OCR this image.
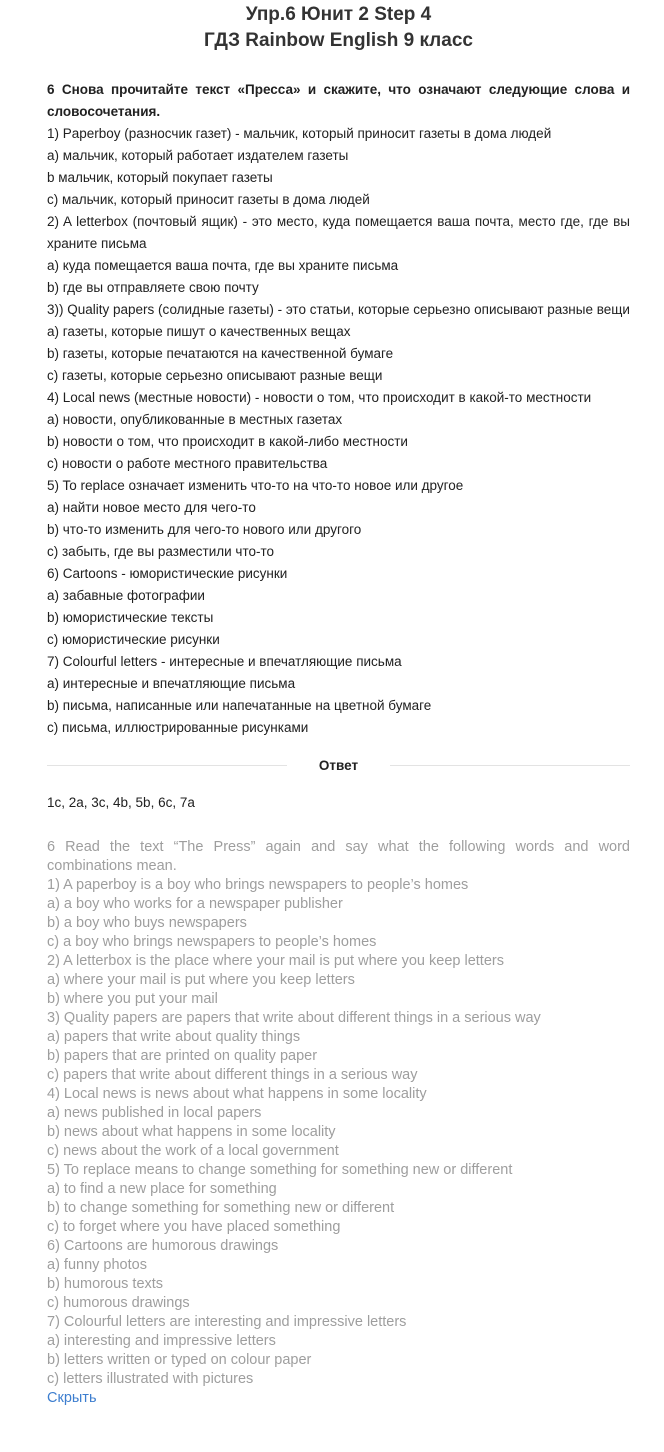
Упр.6 Юнит 2 Step 4
ГДЗ Rainbow English 9 класс
6 Снова прочитайте текст «Пресса» и скажите, что означают следующие слова и словосочетания.
1) Paperboy (разносчик газет) - мальчик, который приносит газеты в дома людей
a) мальчик, который работает издателем газеты
b мальчик, который покупает газеты
c) мальчик, который приносит газеты в дома людей
2) A letterbox (почтовый ящик) - это место, куда помещается ваша почта, место где, где вы храните письма
a) куда помещается ваша почта, где вы храните письма
b) где вы отправляете свою почту
3)) Quality papers (солидные газеты) - это статьи, которые серьезно описывают разные вещи
a) газеты, которые пишут о качественных вещах
b) газеты, которые печатаются на качественной бумаге
c) газеты, которые серьезно описывают разные вещи
4) Local news (местные новости) - новости о том, что происходит в какой-то местности
a) новости, опубликованные в местных газетах
b) новости о том, что происходит в какой-либо местности
c) новости о работе местного правительства
5) To replace означает изменить что-то на что-то новое или другое
a) найти новое место для чего-то
b) что-то изменить для чего-то нового или другого
c) забыть, где вы разместили что-то
6) Cartoons - юмористические рисунки
a) забавные фотографии
b) юмористические тексты
c) юмористические рисунки
7) Colourful letters - интересные и впечатляющие письма
a) интересные и впечатляющие письма
b) письма, написанные или напечатанные на цветной бумаге
c) письма, иллюстрированные рисунками
Ответ
1c, 2a, 3c, 4b, 5b, 6c, 7a
6 Read the text “The Press” again and say what the following words and word combinations mean.
1) A paperboy is a boy who brings newspapers to people’s homes
a) a boy who works for a newspaper publisher
b) a boy who buys newspapers
c) a boy who brings newspapers to people’s homes
2) A letterbox is the place where your mail is put where you keep letters
a) where your mail is put where you keep letters
b) where you put your mail
3) Quality papers are papers that write about different things in a serious way
a) papers that write about quality things
b) papers that are printed on quality paper
c) papers that write about different things in a serious way
4) Local news is news about what happens in some locality
a) news published in local papers
b) news about what happens in some locality
c) news about the work of a local government
5) To replace means to change something for something new or different
a) to find a new place for something
b) to change something for something new or different
c) to forget where you have placed something
6) Cartoons are humorous drawings
a) funny photos
b) humorous texts
c) humorous drawings
7) Colourful letters are interesting and impressive letters
a) interesting and impressive letters
b) letters written or typed on colour paper
c) letters illustrated with pictures
Скрыть
